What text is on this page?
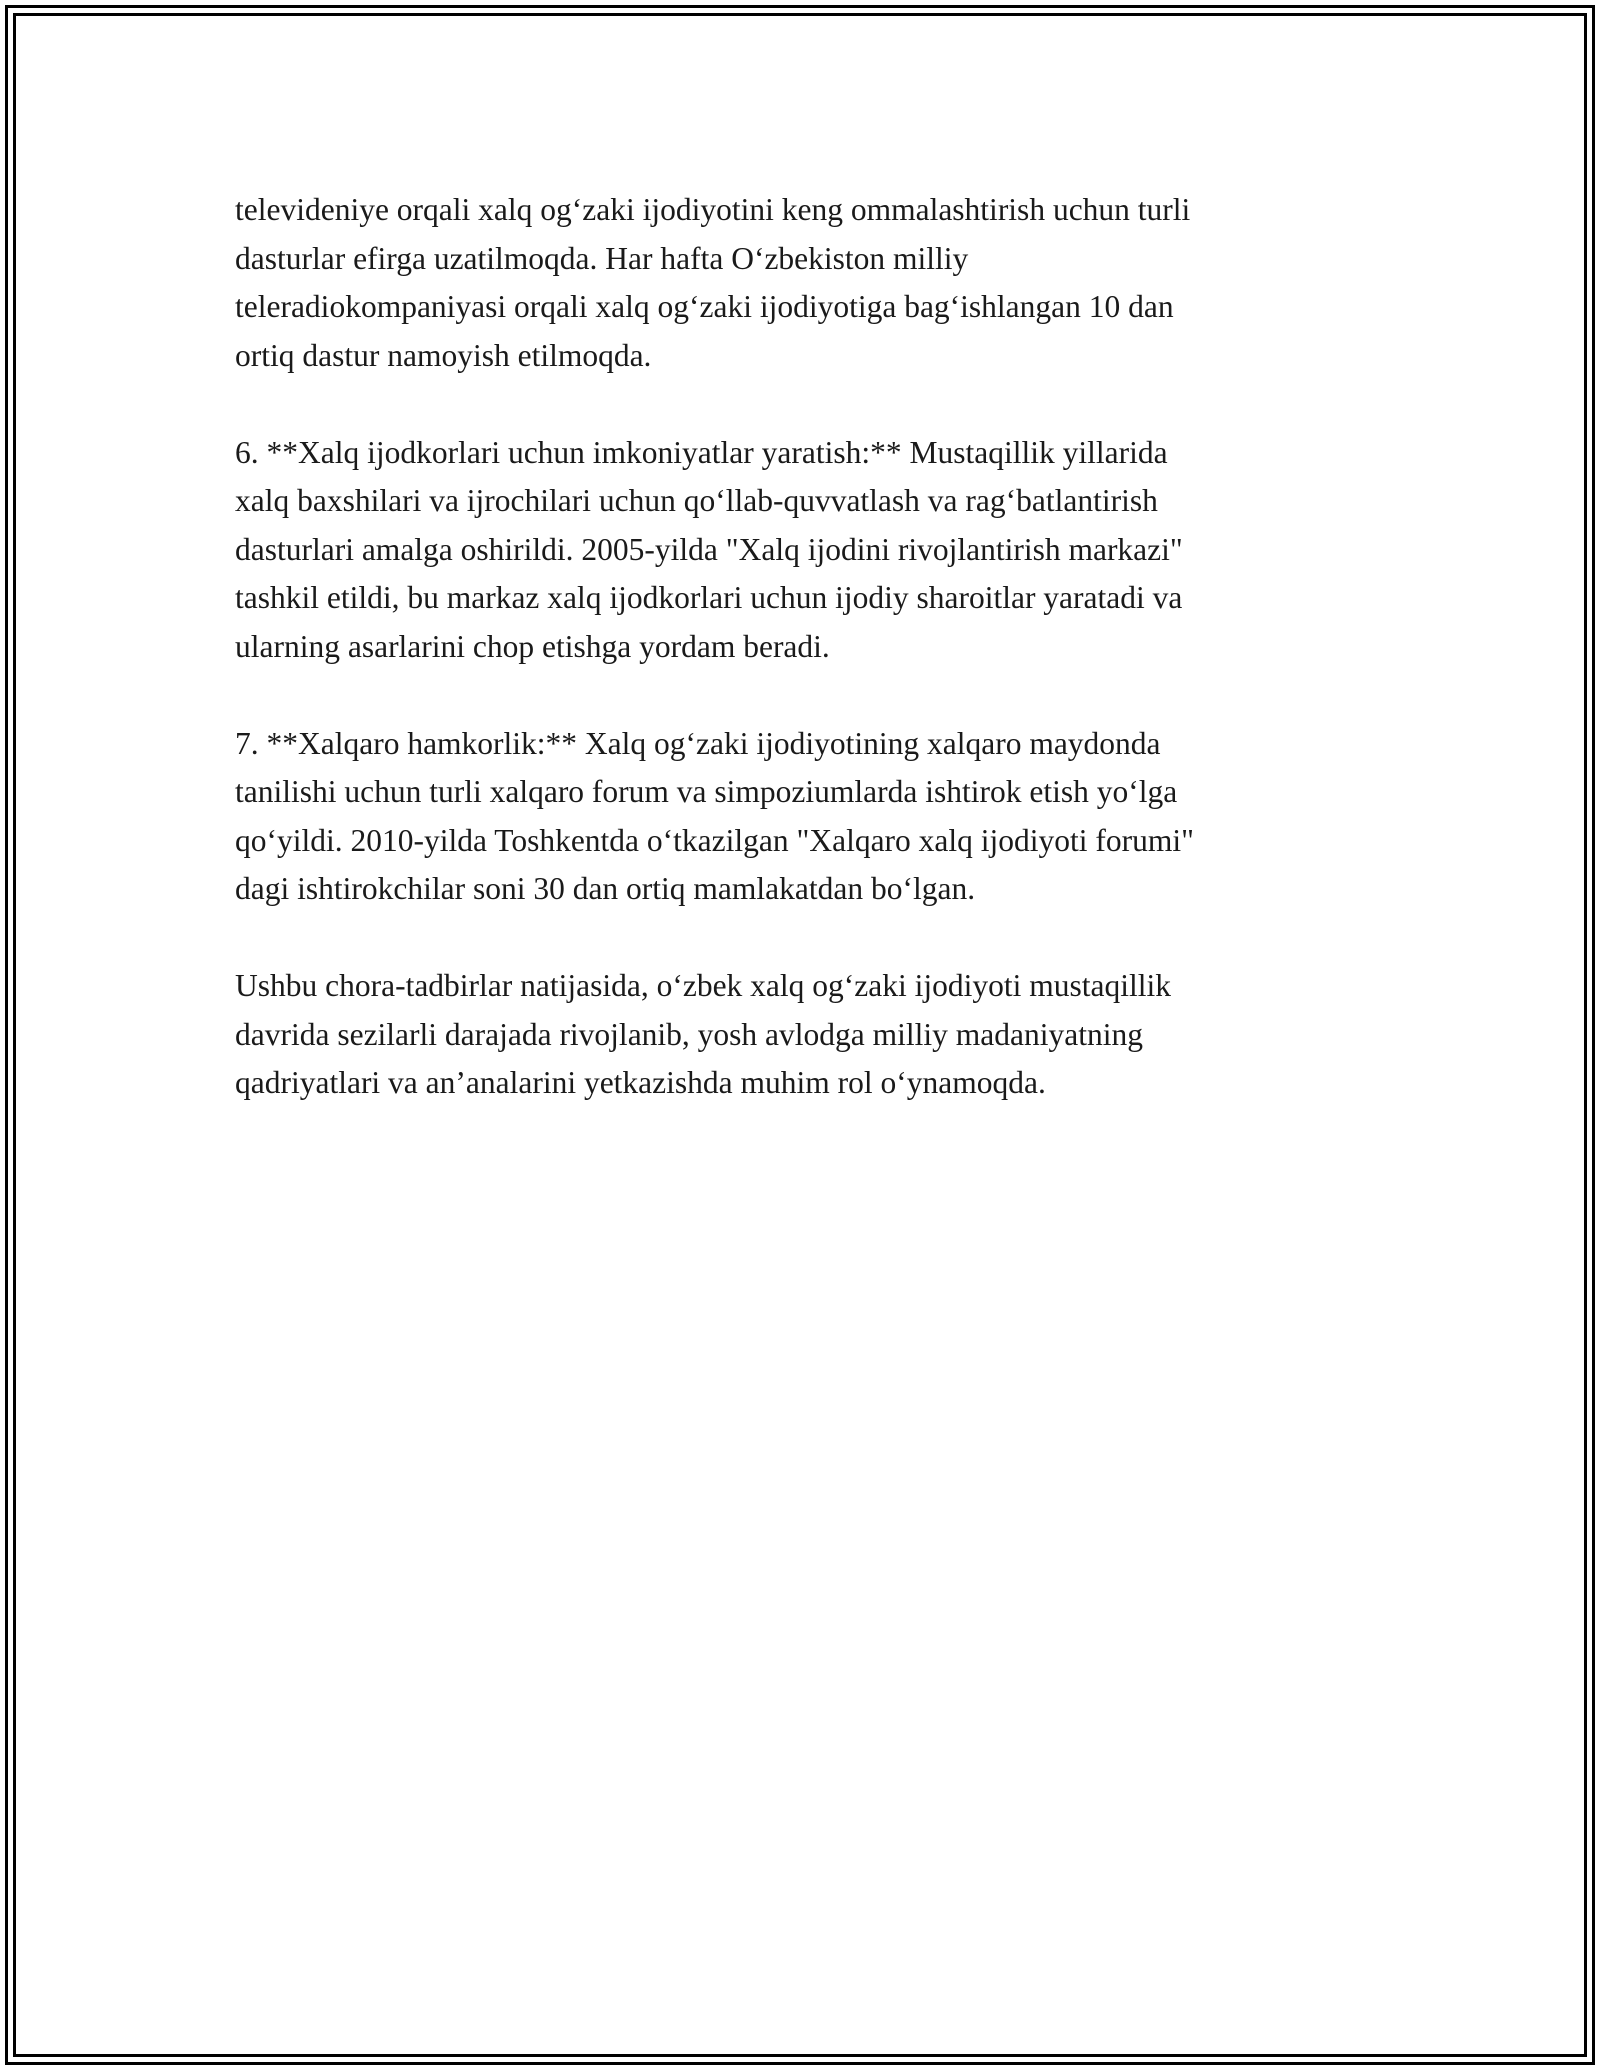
televideniye orqali xalq og‘zaki ijodiyotini keng ommalashtirish uchun turli
dasturlar efirga uzatilmoqda. Har hafta O‘zbekiston milliy
teleradiokompaniyasi orqali xalq og‘zaki ijodiyotiga bag‘ishlangan 10 dan
ortiq dastur namoyish etilmoqda.

6. **Xalq ijodkorlari uchun imkoniyatlar yaratish:** Mustaqillik yillarida
xalq baxshilari va ijrochilari uchun qo‘llab-quvvatlash va rag‘batlantirish
dasturlari amalga oshirildi. 2005-yilda "Xalq ijodini rivojlantirish markazi"
tashkil etildi, bu markaz xalq ijodkorlari uchun ijodiy sharoitlar yaratadi va
ularning asarlarini chop etishga yordam beradi.

7. **Xalqaro hamkorlik:** Xalq og‘zaki ijodiyotining xalqaro maydonda
tanilishi uchun turli xalqaro forum va simpoziumlarda ishtirok etish yo‘lga
qo‘yildi. 2010-yilda Toshkentda o‘tkazilgan "Xalqaro xalq ijodiyoti forumi"
dagi ishtirokchilar soni 30 dan ortiq mamlakatdan bo‘lgan.

Ushbu chora-tadbirlar natijasida, o‘zbek xalq og‘zaki ijodiyoti mustaqillik
davrida sezilarli darajada rivojlanib, yosh avlodga milliy madaniyatning
qadriyatlari va an’analarini yetkazishda muhim rol o‘ynamoqda.
